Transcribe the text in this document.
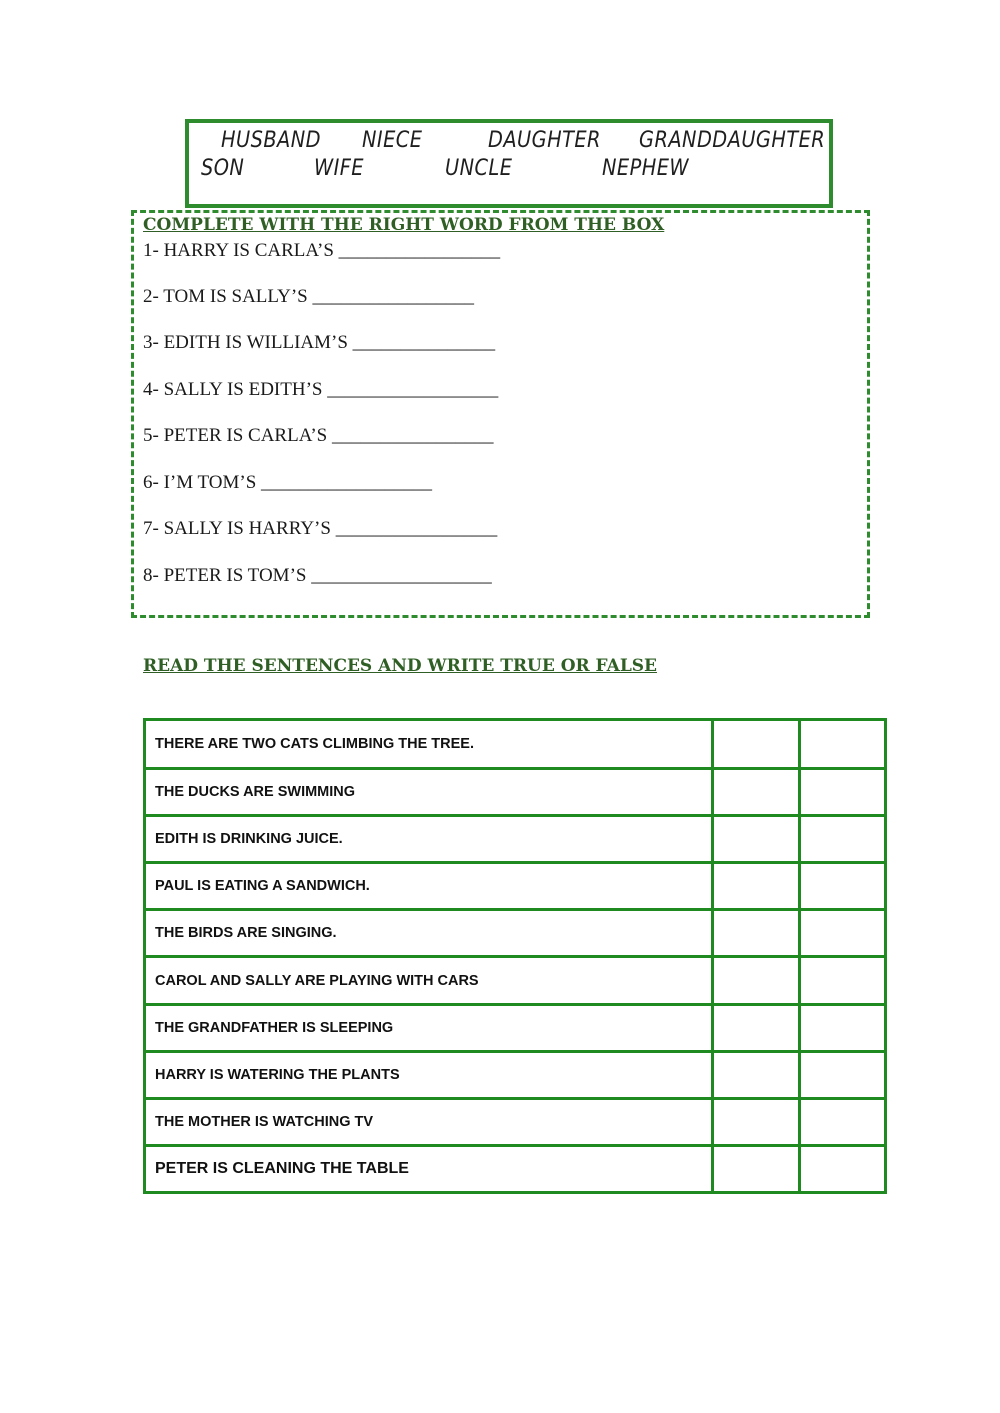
HUSBAND NIECE	DAUGHTER GRANDDAUGHTER
SON	WIFE	UNCLE	NEPHEW
COMPLETE WITH THE RIGHT WORD FROM THE BOX
1- HARRY IS CARLA’S _________________
2- TOM IS SALLY’S _________________
3- EDITH IS WILLIAM’S _______________
4- SALLY IS EDITH’S __________________
5- PETER IS CARLA’S _________________
6- I’M TOM’S __________________
7- SALLY IS HARRY’S _________________
8- PETER IS TOM’S ___________________
READ THE SENTENCES AND WRITE TRUE OR FALSE
THERE ARE TWO CATS CLIMBING THE TREE.		
THE DUCKS ARE SWIMMING		
EDITH IS DRINKING JUICE.		
PAUL IS EATING A SANDWICH.		
THE BIRDS ARE SINGING.		
CAROL AND SALLY ARE PLAYING WITH CARS		
THE GRANDFATHER IS SLEEPING		
HARRY IS WATERING THE PLANTS		
THE MOTHER IS WATCHING TV		
PETER IS CLEANING THE TABLE		
